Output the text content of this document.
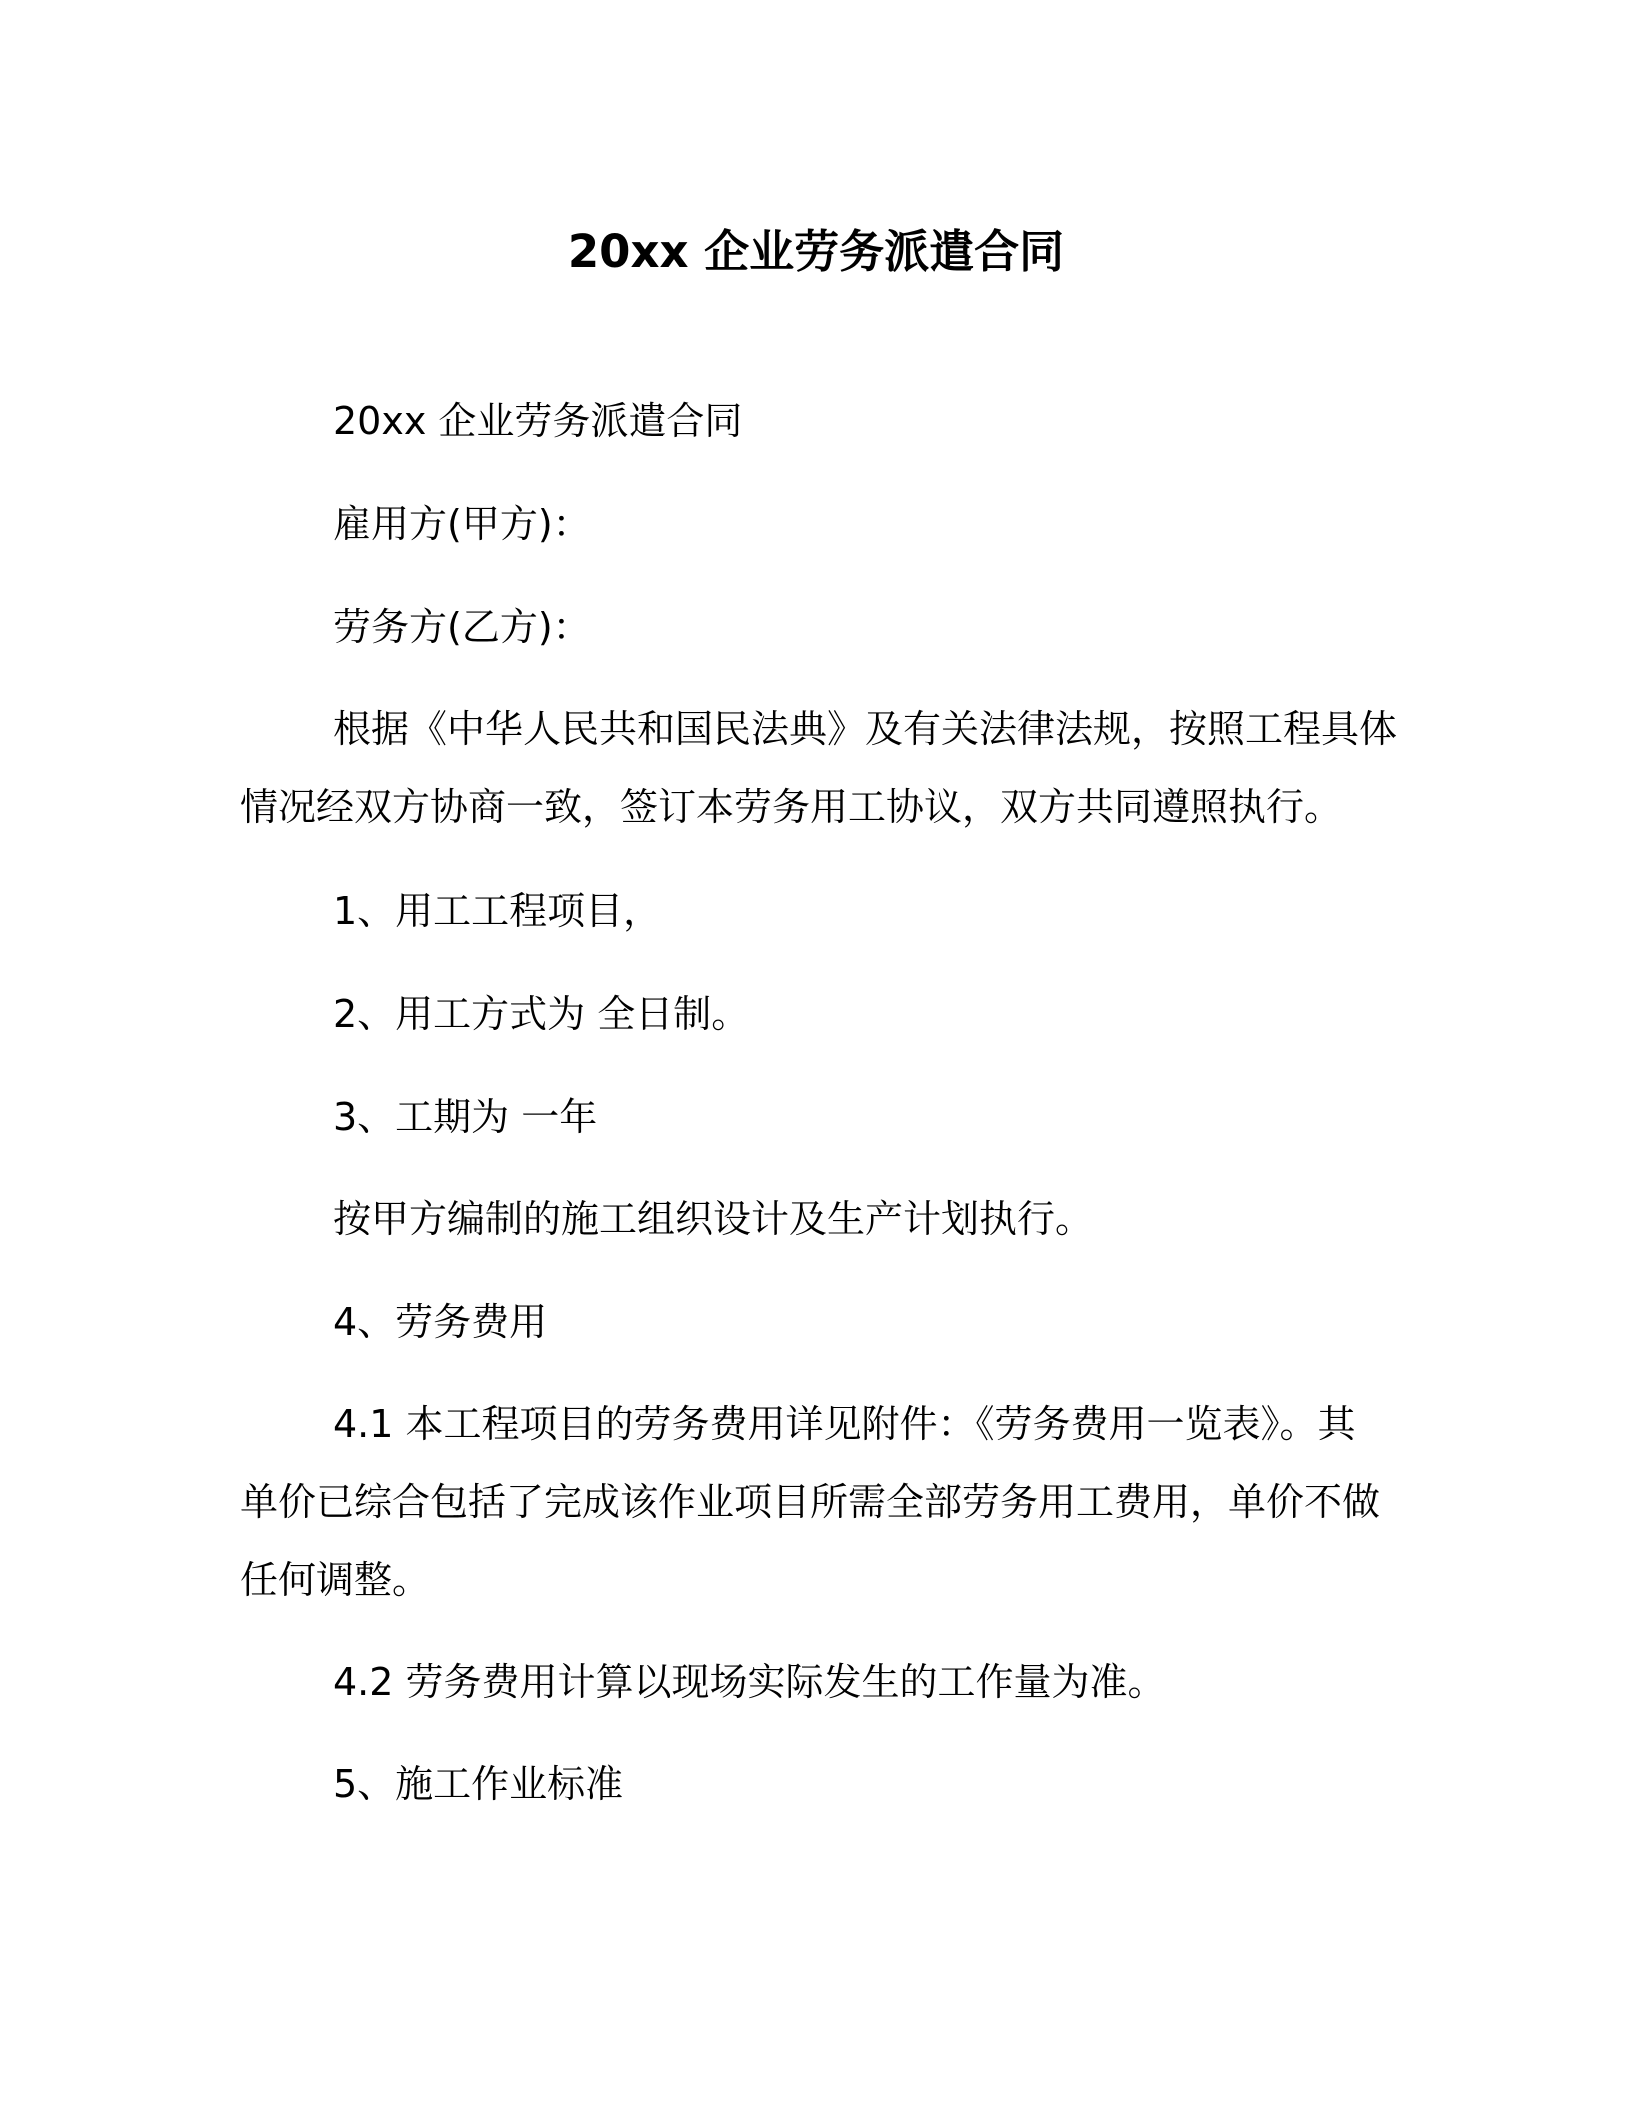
20xx 企业劳务派遣合同
20xx 企业劳务派遣合同
雇用方(甲方)：
劳务方(乙方)：
根据《中华人民共和国民法典》及有关法律法规，按照工程具体
情况经双方协商一致，签订本劳务用工协议，双方共同遵照执行。
1、用工工程项目，
2、用工方式为 全日制。
3、工期为 一年
按甲方编制的施工组织设计及生产计划执行。
4、劳务费用
4.1 本工程项目的劳务费用详见附件：《劳务费用一览表》。其
单价已综合包括了完成该作业项目所需全部劳务用工费用，单价不做
任何调整。
4.2 劳务费用计算以现场实际发生的工作量为准。
5、施工作业标准
